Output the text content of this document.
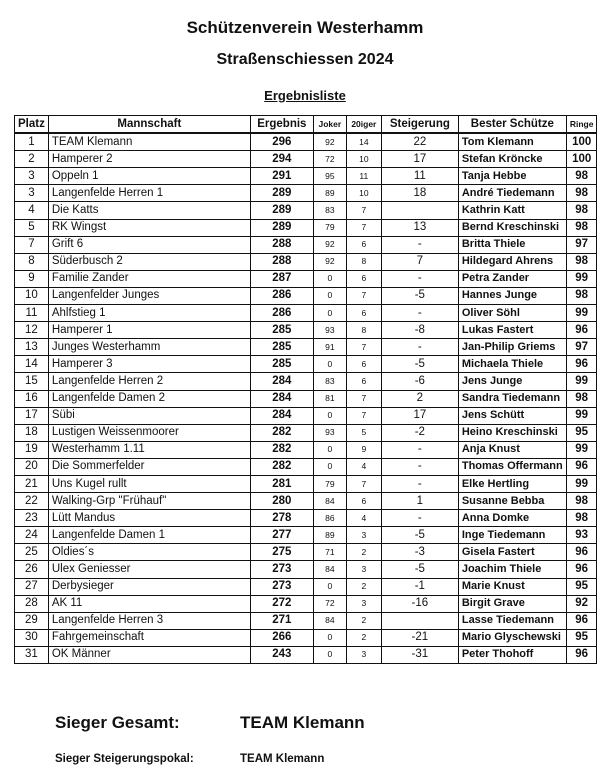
Schützenverein Westerhamm
Straßenschiessen 2024
Ergebnisliste
Platz	Mannschaft	Ergebnis	Joker	20iger	Steigerung	Bester Schütze	Ringe
1	TEAM Klemann	296	92	14	22	Tom Klemann	100
2	Hamperer 2	294	72	10	17	Stefan Kröncke	100
3	Oppeln 1	291	95	11	11	Tanja Hebbe	98
3	Langenfelde Herren 1	289	89	10	18	André Tiedemann	98
4	Die Katts	289	83	7		Kathrin Katt	98
5	RK Wingst	289	79	7	13	Bernd Kreschinski	98
7	Grift 6	288	92	6	-	Britta Thiele	97
8	Süderbusch 2	288	92	8	7	Hildegard Ahrens	98
9	Familie Zander	287	0	6	-	Petra Zander	99
10	Langenfelder Junges	286	0	7	-5	Hannes Junge	98
11	Ahlfstieg 1	286	0	6	-	Oliver Söhl	99
12	Hamperer 1	285	93	8	-8	Lukas Fastert	96
13	Junges Westerhamm	285	91	7	-	Jan-Philip Griems	97
14	Hamperer 3	285	0	6	-5	Michaela Thiele	96
15	Langenfelde Herren 2	284	83	6	-6	Jens Junge	99
16	Langenfelde Damen 2	284	81	7	2	Sandra Tiedemann	98
17	Sübi	284	0	7	17	Jens Schütt	99
18	Lustigen Weissenmoorer	282	93	5	-2	Heino Kreschinski	95
19	Westerhamm 1.11	282	0	9	-	Anja Knust	99
20	Die Sommerfelder	282	0	4	-	Thomas Offermann	96
21	Uns Kugel rullt	281	79	7	-	Elke Hertling	99
22	Walking-Grp "Frühauf"	280	84	6	1	Susanne Bebba	98
23	Lütt Mandus	278	86	4	-	Anna Domke	98
24	Langenfelde Damen 1	277	89	3	-5	Inge Tiedemann	93
25	Oldies´s	275	71	2	-3	Gisela Fastert	96
26	Ulex Geniesser	273	84	3	-5	Joachim Thiele	96
27	Derbysieger	273	0	2	-1	Marie Knust	95
28	AK 11	272	72	3	-16	Birgit Grave	92
29	Langenfelde Herren 3	271	84	2		Lasse Tiedemann	96
30	Fahrgemeinschaft	266	0	2	-21	Mario Glyschewski	95
31	OK Männer	243	0	3	-31	Peter Thohoff	96
Sieger Gesamt:	TEAM Klemann
Sieger Steigerungspokal:	TEAM Klemann
